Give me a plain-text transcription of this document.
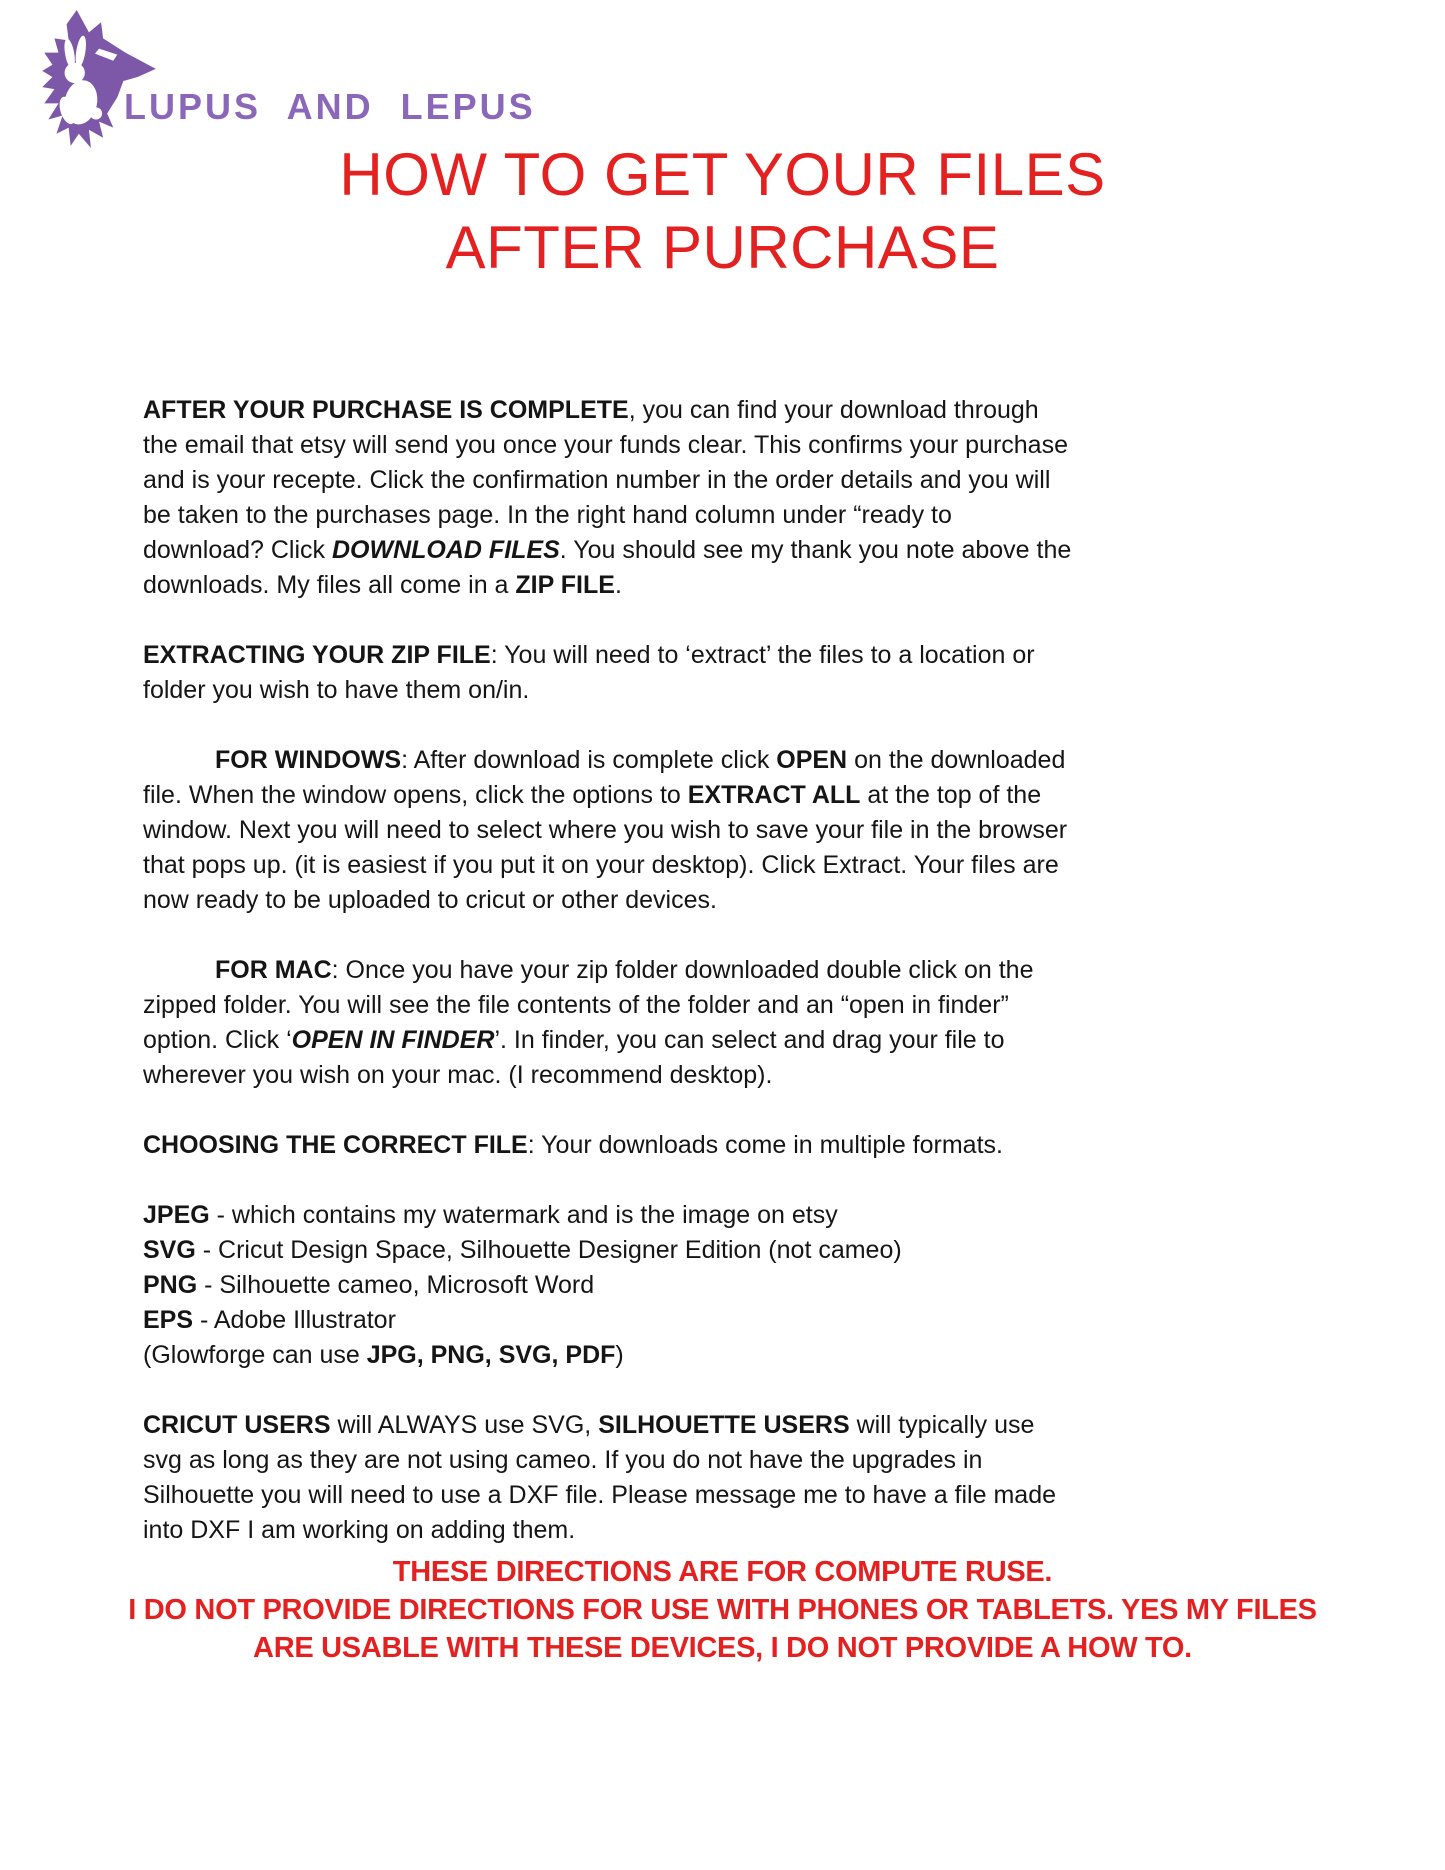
LUPUS AND LEPUS
HOW TO GET YOUR FILES
AFTER PURCHASE

AFTER YOUR PURCHASE IS COMPLETE, you can find your download through the email that etsy will send you once your funds clear. This confirms your purchase and is your recepte. Click the confirmation number in the order details and you will be taken to the purchases page. In the right hand column under “ready to download? Click DOWNLOAD FILES. You should see my thank you note above the downloads. My files all come in a ZIP FILE.

EXTRACTING YOUR ZIP FILE: You will need to ‘extract’ the files to a location or folder you wish to have them on/in.

FOR WINDOWS: After download is complete click OPEN on the downloaded file. When the window opens, click the options to EXTRACT ALL at the top of the window. Next you will need to select where you wish to save your file in the browser that pops up. (it is easiest if you put it on your desktop). Click Extract. Your files are now ready to be uploaded to cricut or other devices.

FOR MAC: Once you have your zip folder downloaded double click on the zipped folder. You will see the file contents of the folder and an “open in finder” option. Click ‘OPEN IN FINDER’. In finder, you can select and drag your file to wherever you wish on your mac. (I recommend desktop).

CHOOSING THE CORRECT FILE: Your downloads come in multiple formats.

JPEG - which contains my watermark and is the image on etsy

SVG - Cricut Design Space, Silhouette Designer Edition (not cameo)

PNG - Silhouette cameo, Microsoft Word

EPS - Adobe Illustrator

(Glowforge can use JPG, PNG, SVG, PDF)

CRICUT USERS will ALWAYS use SVG, SILHOUETTE USERS will typically use svg as long as they are not using cameo. If you do not have the upgrades in Silhouette you will need to use a DXF file. Please message me to have a file made into DXF I am working on adding them.

THESE DIRECTIONS ARE FOR COMPUTE RUSE.
I DO NOT PROVIDE DIRECTIONS FOR USE WITH PHONES OR TABLETS. YES MY FILES
ARE USABLE WITH THESE DEVICES, I DO NOT PROVIDE A HOW TO.
